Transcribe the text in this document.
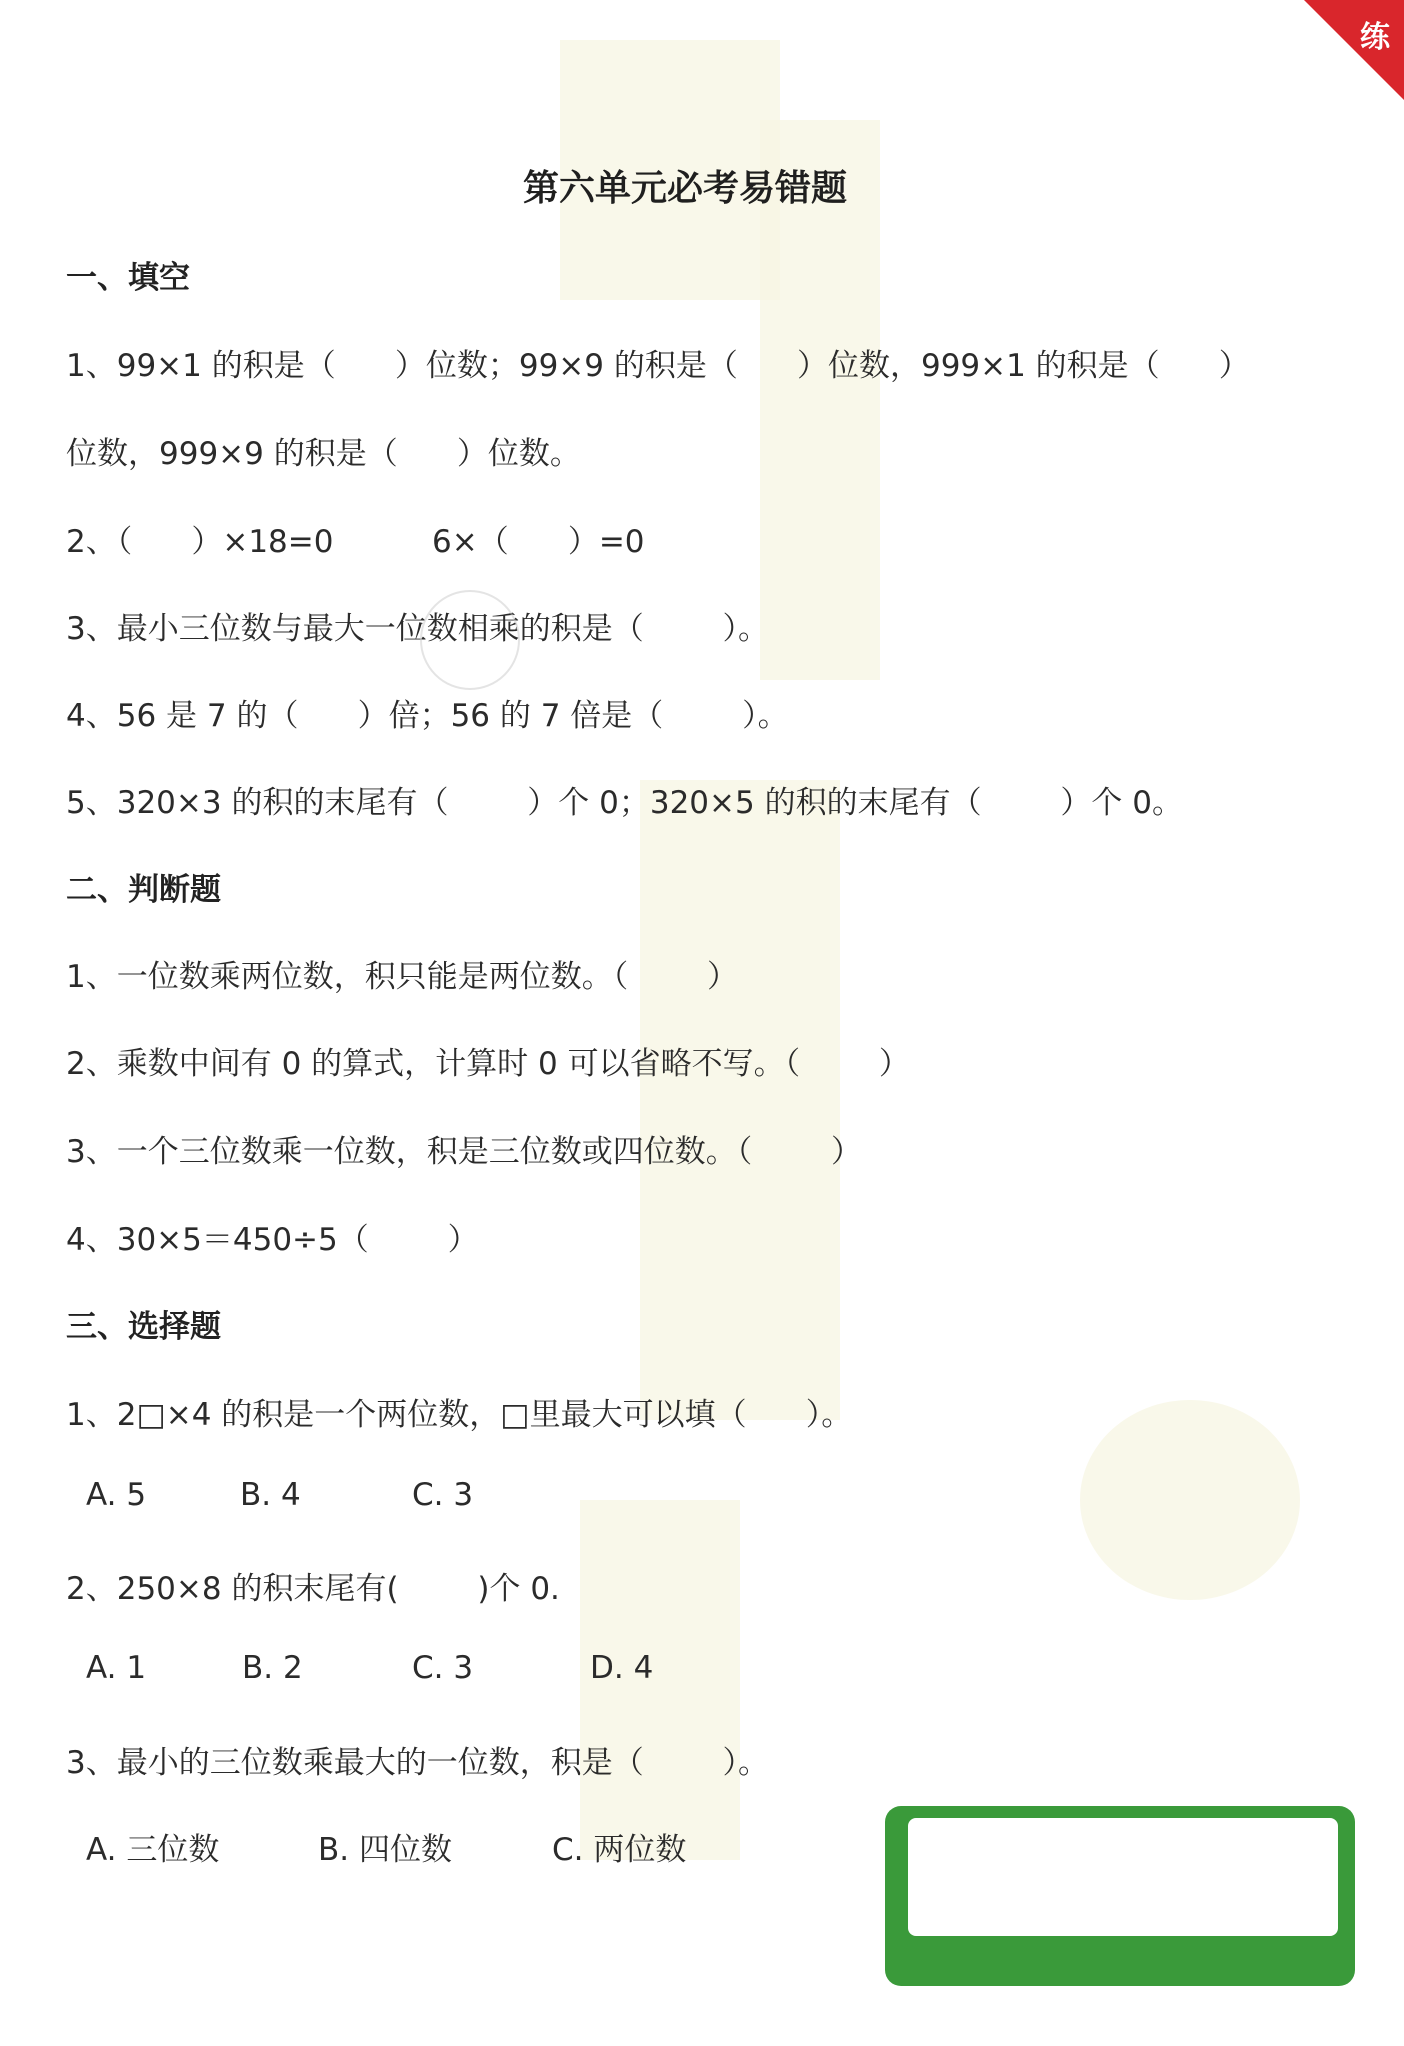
练
第六单元必考易错题
一、填空
1、99×1 的积是（      ）位数；99×9 的积是（      ）位数，999×1 的积是（      ）
位数，999×9 的积是（      ）位数。
2、（      ）×18=0          6×（      ）=0
3、最小三位数与最大一位数相乘的积是（        ）。
4、56 是 7 的（      ）倍；56 的 7 倍是（        ）。
5、320×3 的积的末尾有（        ）个 0；320×5 的积的末尾有（        ）个 0。
二、判断题
1、一位数乘两位数，积只能是两位数。（        ）
2、乘数中间有 0 的算式，计算时 0 可以省略不写。（        ）
3、一个三位数乘一位数，积是三位数或四位数。（        ）
4、30×5＝450÷5（        ）
三、选择题
1、2□×4 的积是一个两位数，□里最大可以填（      ）。
A. 5	B. 4	C. 3
2、250×8 的积末尾有(        )个 0.
A. 1	B. 2	C. 3	D. 4
3、最小的三位数乘最大的一位数，积是（        ）。
A. 三位数	B. 四位数	C. 两位数
